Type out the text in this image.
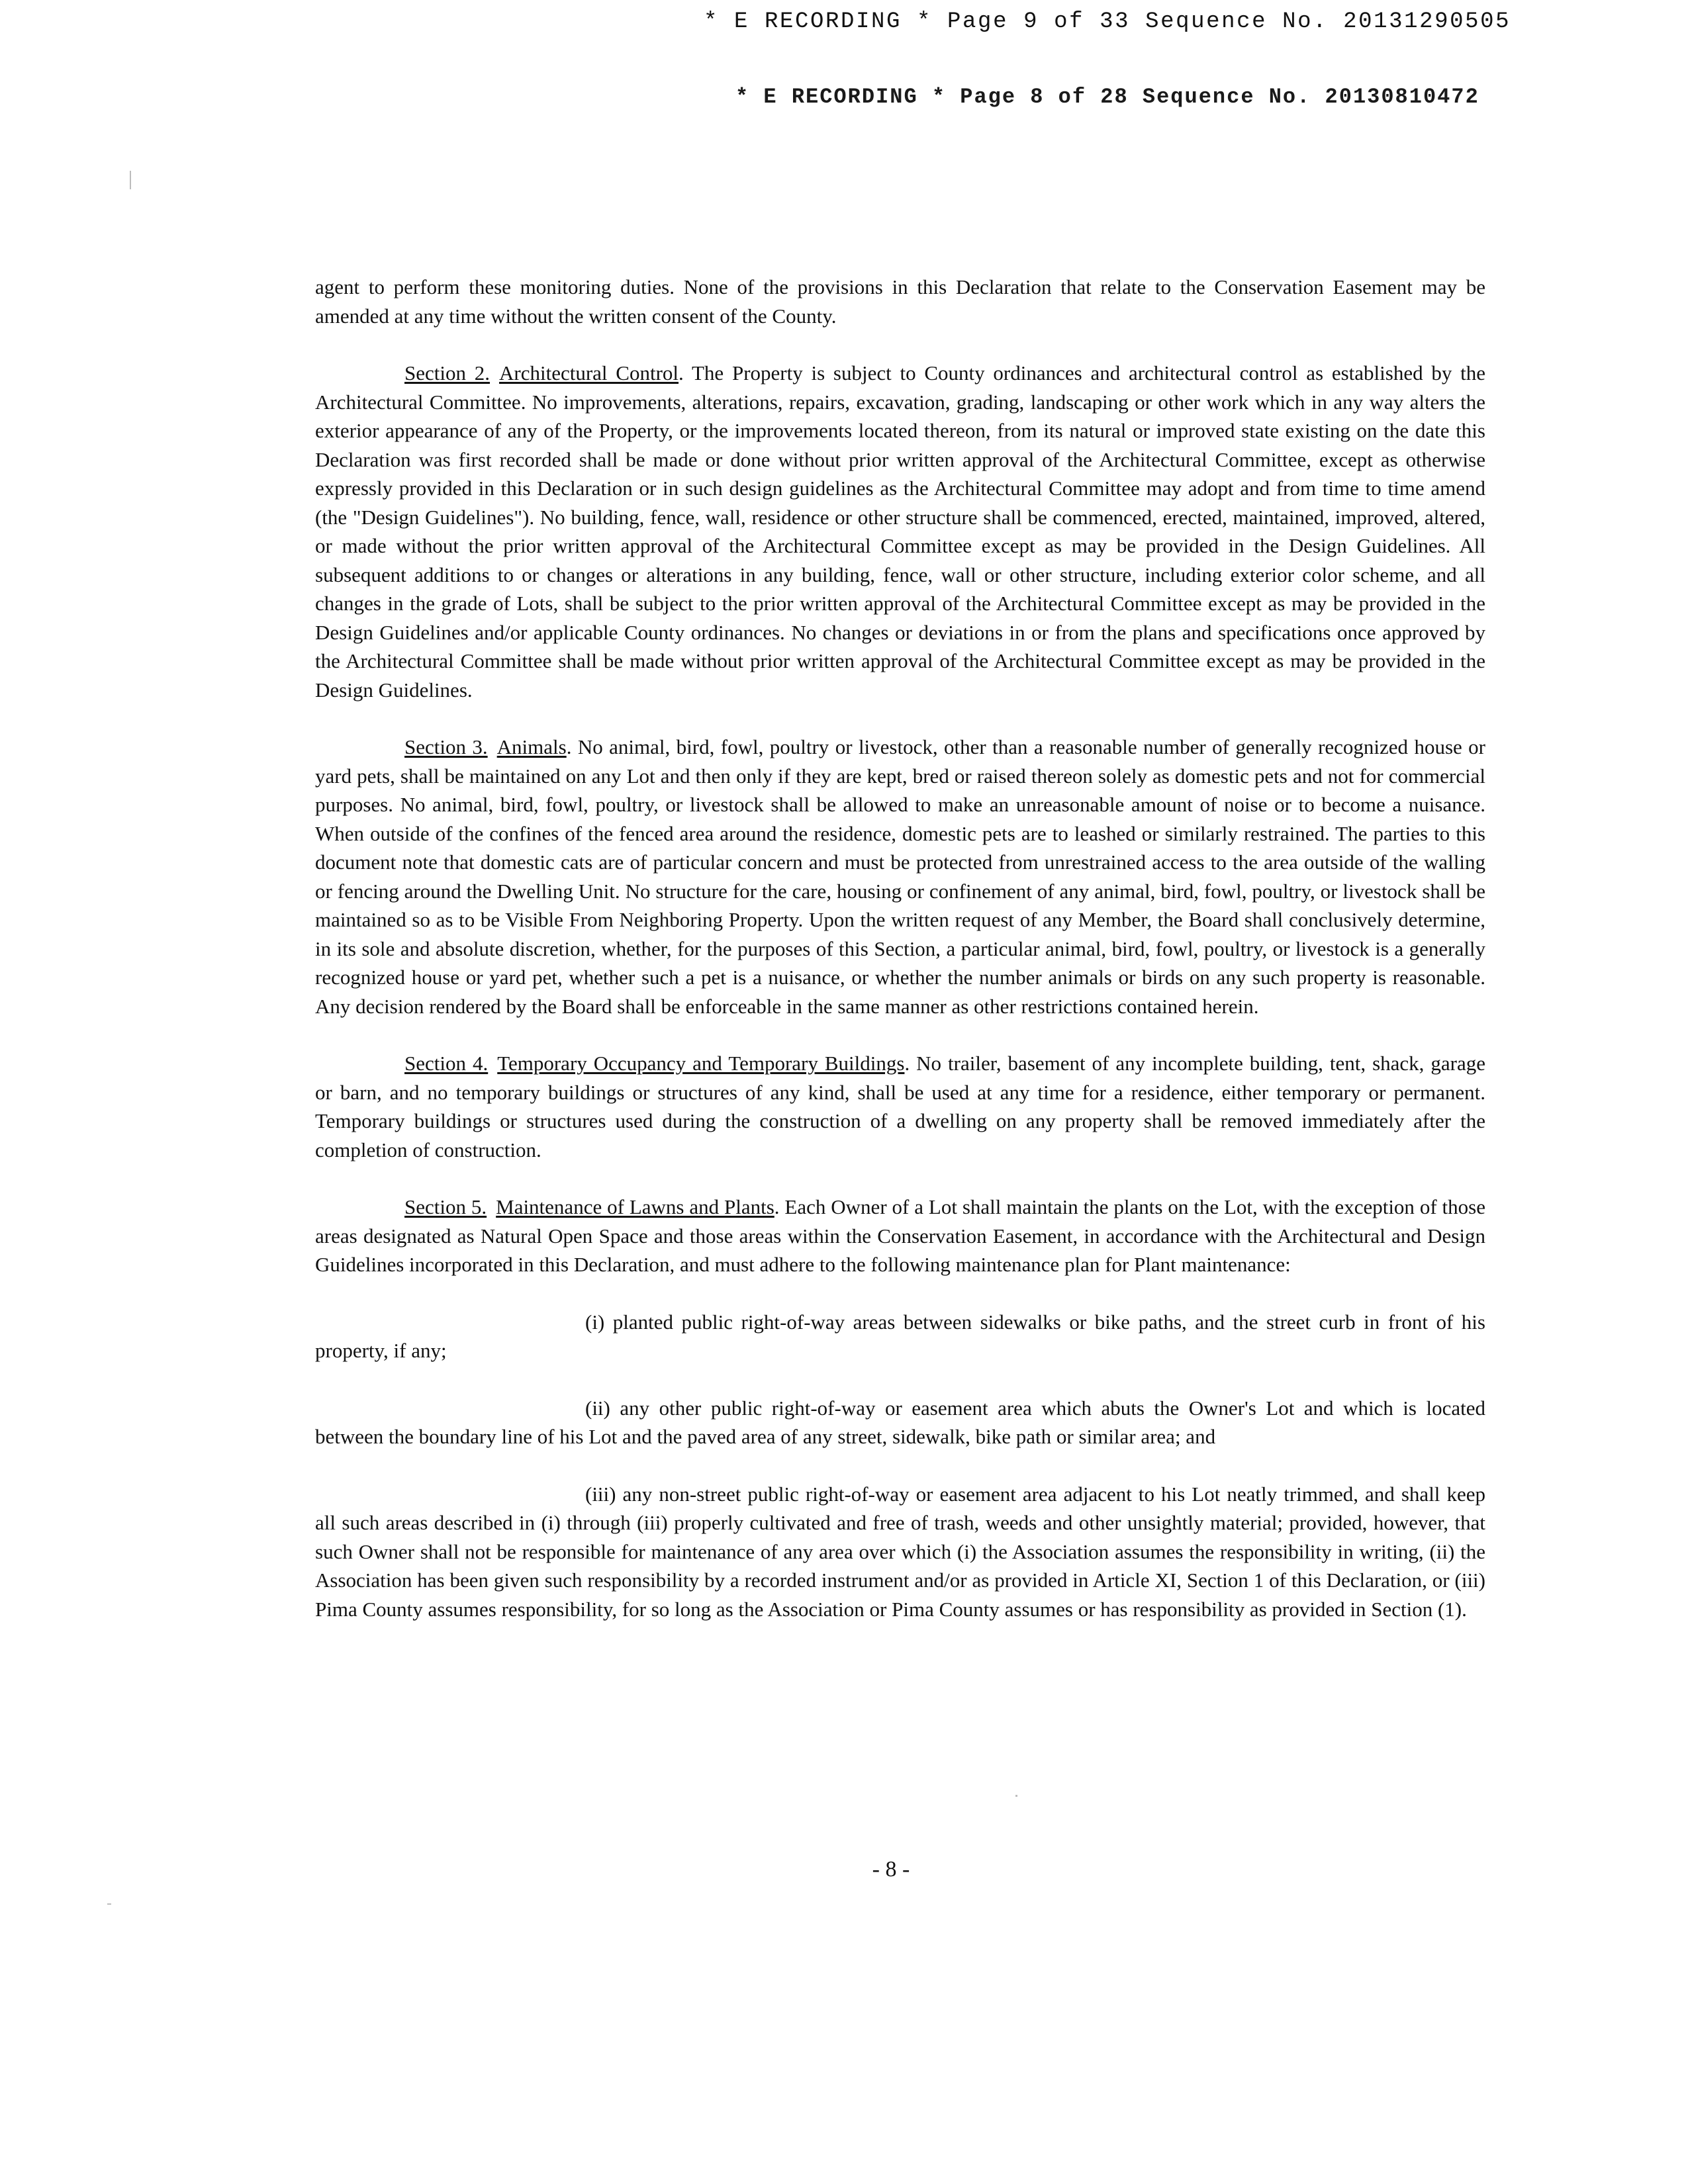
* E RECORDING * Page 9 of 33 Sequence No. 20131290505
* E RECORDING * Page 8 of 28 Sequence No. 20130810472

agent to perform these monitoring duties. None of the provisions in this Declaration that relate to the Conservation Easement may be amended at any time without the written consent of the County.

Section 2. Architectural Control. The Property is subject to County ordinances and architectural control as established by the Architectural Committee. No improvements, alterations, repairs, excavation, grading, landscaping or other work which in any way alters the exterior appearance of any of the Property, or the improvements located thereon, from its natural or improved state existing on the date this Declaration was first recorded shall be made or done without prior written approval of the Architectural Committee, except as otherwise expressly provided in this Declaration or in such design guidelines as the Architectural Committee may adopt and from time to time amend (the "Design Guidelines"). No building, fence, wall, residence or other structure shall be commenced, erected, maintained, improved, altered, or made without the prior written approval of the Architectural Committee except as may be provided in the Design Guidelines. All subsequent additions to or changes or alterations in any building, fence, wall or other structure, including exterior color scheme, and all changes in the grade of Lots, shall be subject to the prior written approval of the Architectural Committee except as may be provided in the Design Guidelines and/or applicable County ordinances. No changes or deviations in or from the plans and specifications once approved by the Architectural Committee shall be made without prior written approval of the Architectural Committee except as may be provided in the Design Guidelines.

Section 3. Animals. No animal, bird, fowl, poultry or livestock, other than a reasonable number of generally recognized house or yard pets, shall be maintained on any Lot and then only if they are kept, bred or raised thereon solely as domestic pets and not for commercial purposes. No animal, bird, fowl, poultry, or livestock shall be allowed to make an unreasonable amount of noise or to become a nuisance. When outside of the confines of the fenced area around the residence, domestic pets are to leashed or similarly restrained. The parties to this document note that domestic cats are of particular concern and must be protected from unrestrained access to the area outside of the walling or fencing around the Dwelling Unit. No structure for the care, housing or confinement of any animal, bird, fowl, poultry, or livestock shall be maintained so as to be Visible From Neighboring Property. Upon the written request of any Member, the Board shall conclusively determine, in its sole and absolute discretion, whether, for the purposes of this Section, a particular animal, bird, fowl, poultry, or livestock is a generally recognized house or yard pet, whether such a pet is a nuisance, or whether the number animals or birds on any such property is reasonable. Any decision rendered by the Board shall be enforceable in the same manner as other restrictions contained herein.

Section 4. Temporary Occupancy and Temporary Buildings. No trailer, basement of any incomplete building, tent, shack, garage or barn, and no temporary buildings or structures of any kind, shall be used at any time for a residence, either temporary or permanent. Temporary buildings or structures used during the construction of a dwelling on any property shall be removed immediately after the completion of construction.

Section 5. Maintenance of Lawns and Plants. Each Owner of a Lot shall maintain the plants on the Lot, with the exception of those areas designated as Natural Open Space and those areas within the Conservation Easement, in accordance with the Architectural and Design Guidelines incorporated in this Declaration, and must adhere to the following maintenance plan for Plant maintenance:

(i) planted public right-of-way areas between sidewalks or bike paths, and the street curb in front of his property, if any;

(ii) any other public right-of-way or easement area which abuts the Owner's Lot and which is located between the boundary line of his Lot and the paved area of any street, sidewalk, bike path or similar area; and

(iii) any non-street public right-of-way or easement area adjacent to his Lot neatly trimmed, and shall keep all such areas described in (i) through (iii) properly cultivated and free of trash, weeds and other unsightly material; provided, however, that such Owner shall not be responsible for maintenance of any area over which (i) the Association assumes the responsibility in writing, (ii) the Association has been given such responsibility by a recorded instrument and/or as provided in Article XI, Section 1 of this Declaration, or (iii) Pima County assumes responsibility, for so long as the Association or Pima County assumes or has responsibility as provided in Section (1).

- 8 -
